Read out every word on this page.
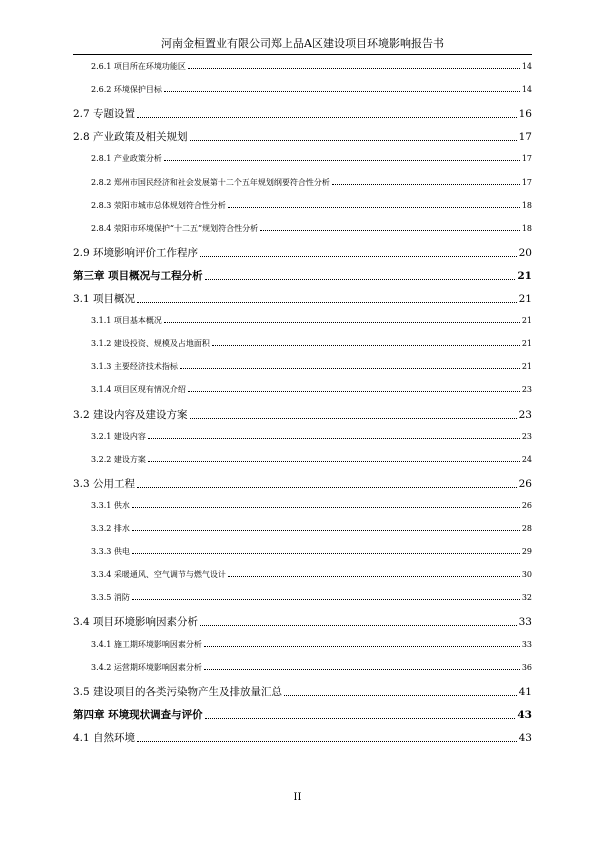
河南金桓置业有限公司郑上品A区建设项目环境影响报告书
2.6.1 项目所在环境功能区	14
2.6.2 环境保护目标	14
2.7 专题设置	16
2.8 产业政策及相关规划	17
2.8.1 产业政策分析	17
2.8.2 郑州市国民经济和社会发展第十二个五年规划纲要符合性分析	17
2.8.3 荥阳市城市总体规划符合性分析	18
2.8.4 荥阳市环境保护“十二五”规划符合性分析	18
2.9 环境影响评价工作程序	20
第三章 项目概况与工程分析	21
3.1 项目概况	21
3.1.1 项目基本概况	21
3.1.2 建设投资、规模及占地面积	21
3.1.3 主要经济技术指标	21
3.1.4 项目区现有情况介绍	23
3.2 建设内容及建设方案	23
3.2.1 建设内容	23
3.2.2 建设方案	24
3.3 公用工程	26
3.3.1 供水	26
3.3.2 排水	28
3.3.3 供电	29
3.3.4 采暖通风、空气调节与燃气设计	30
3.3.5 消防	32
3.4 项目环境影响因素分析	33
3.4.1 施工期环境影响因素分析	33
3.4.2 运营期环境影响因素分析	36
3.5 建设项目的各类污染物产生及排放量汇总	41
第四章 环境现状调查与评价	43
4.1 自然环境	43
II
